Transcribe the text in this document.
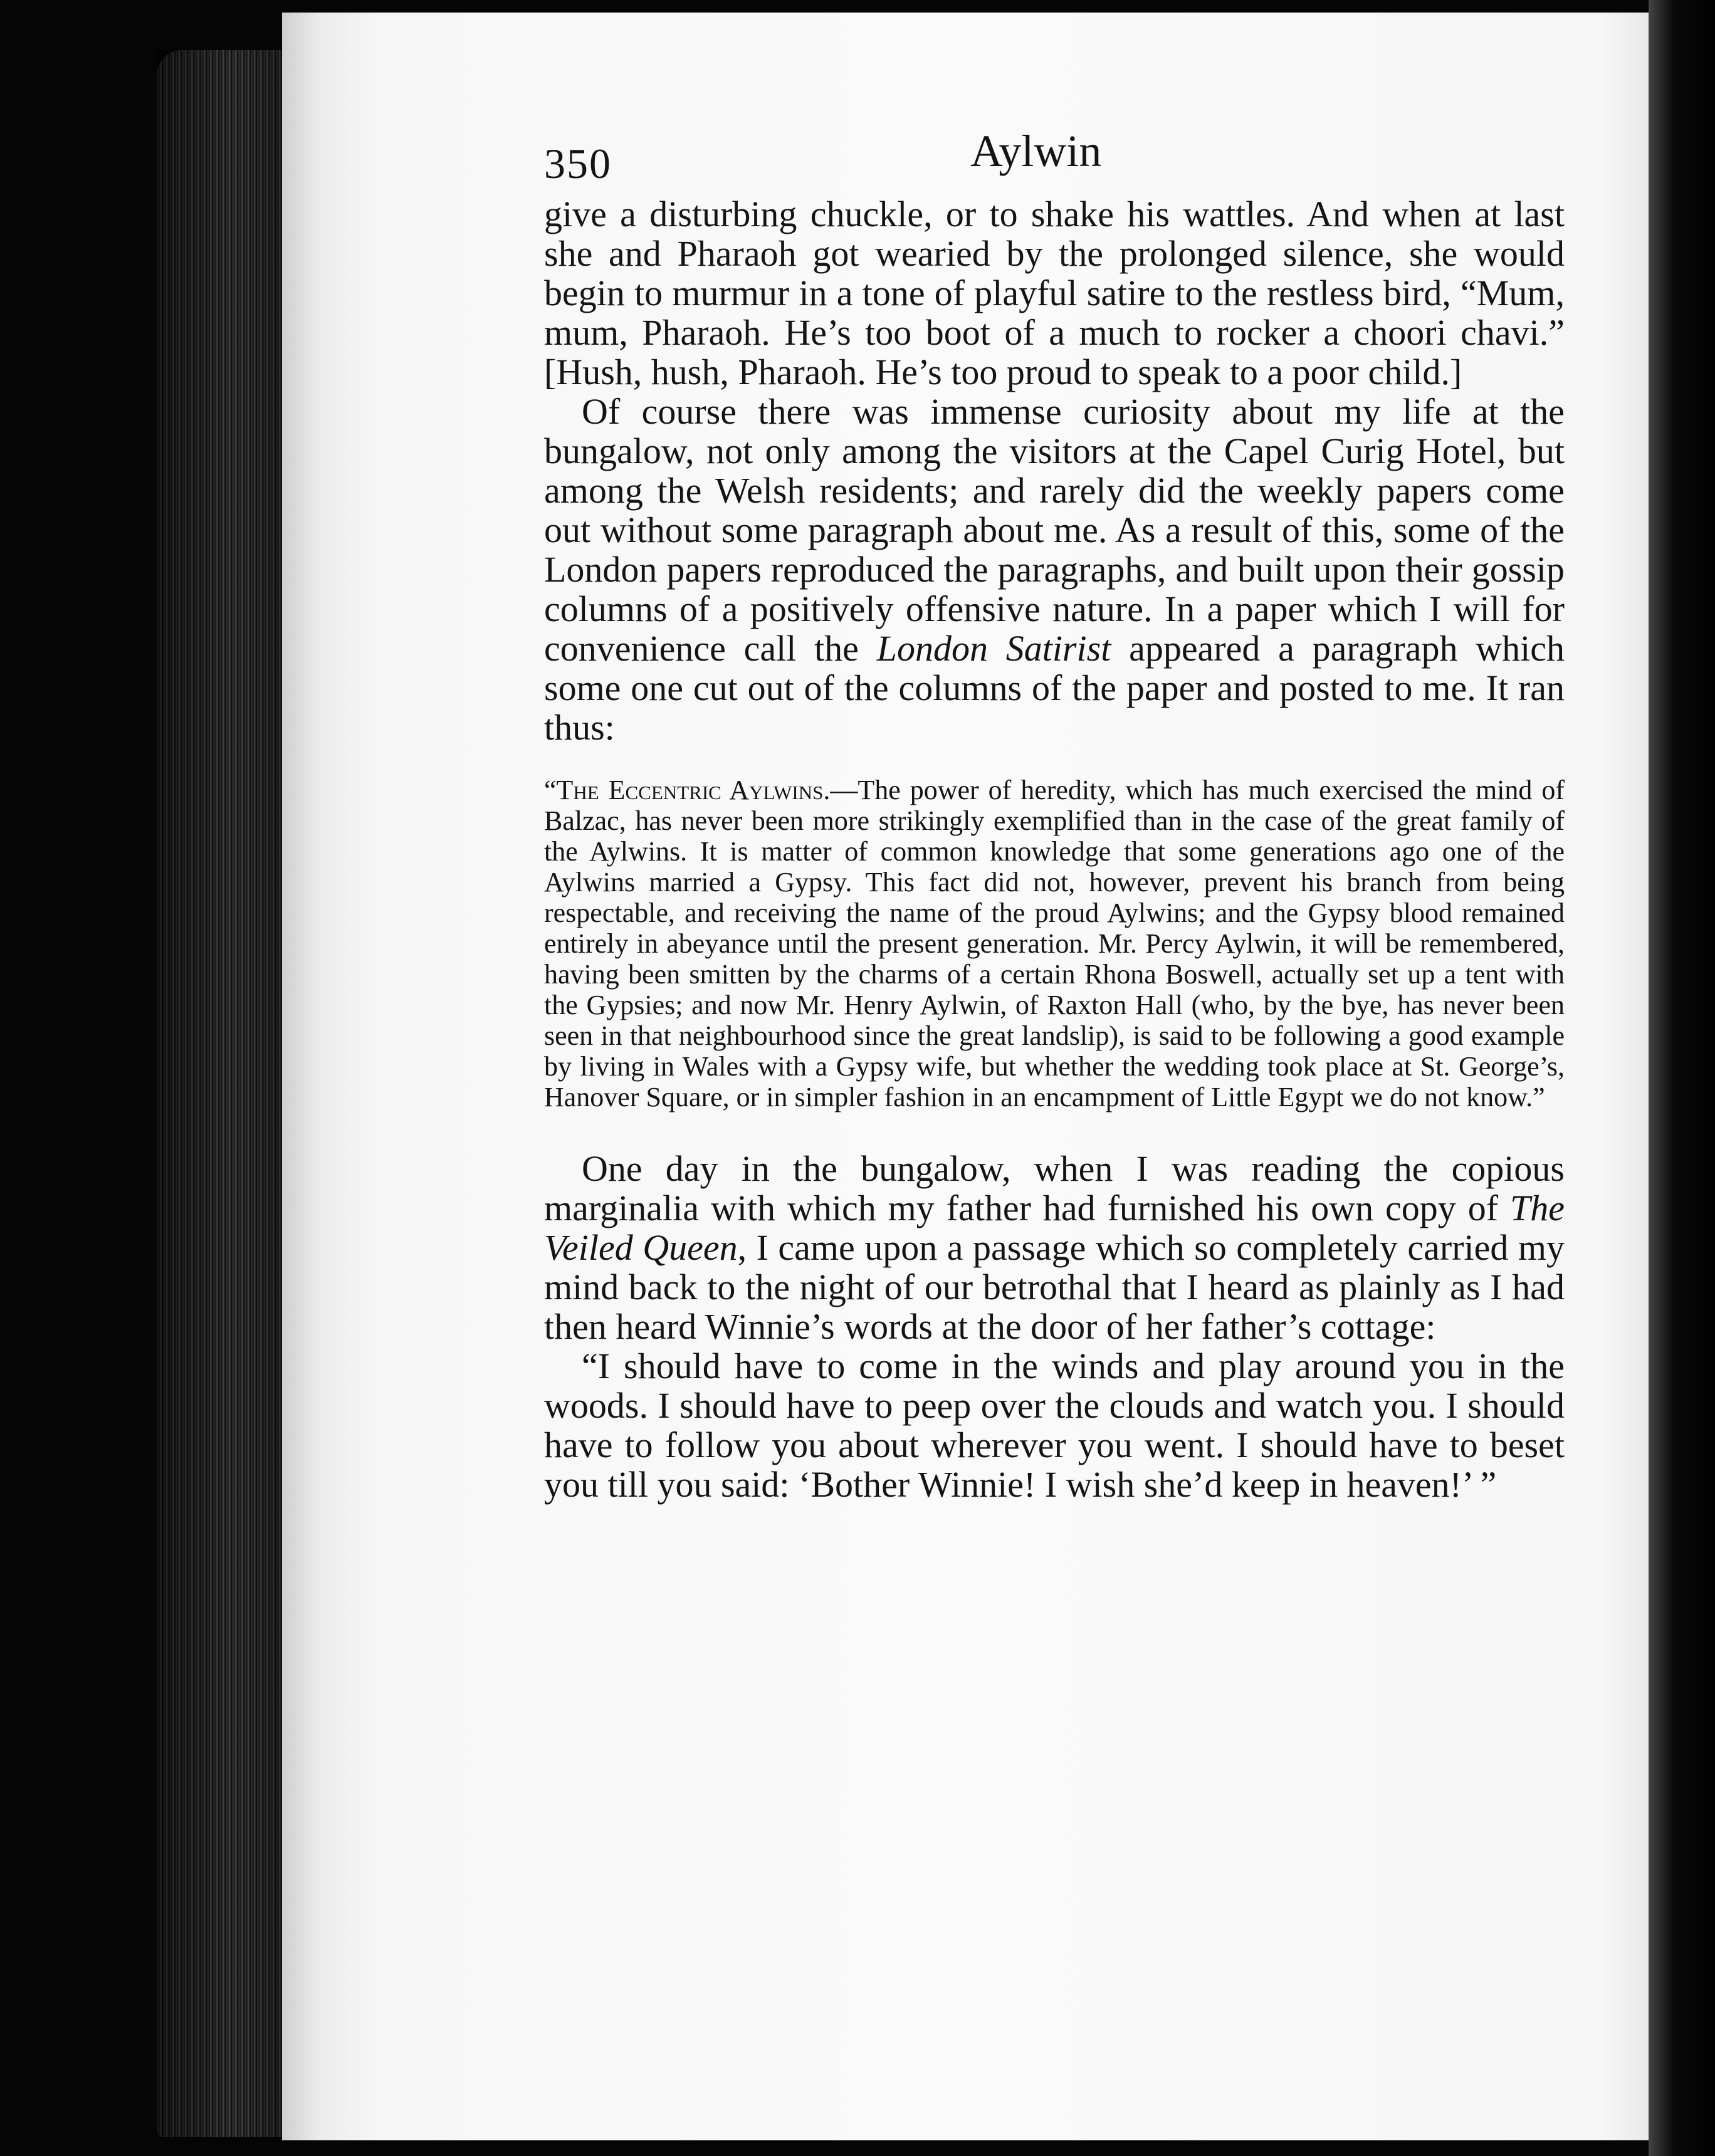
350	Aylwin

give a disturbing chuckle, or to shake his wattles. And when at last she and Pharaoh got wearied by the prolonged silence, she would begin to murmur in a tone of playful satire to the restless bird, “Mum, mum, Pharaoh. He’s too boot of a much to rocker a choori chavi.” [Hush, hush, Pharaoh. He’s too proud to speak to a poor child.]

Of course there was immense curiosity about my life at the bungalow, not only among the visitors at the Capel Curig Hotel, but among the Welsh residents; and rarely did the weekly papers come out without some paragraph about me. As a result of this, some of the London papers reproduced the paragraphs, and built upon their gossip columns of a positively offensive nature. In a paper which I will for convenience call the London Satirist appeared a paragraph which some one cut out of the columns of the paper and posted to me. It ran thus:

“The Eccentric Aylwins.—The power of heredity, which has much exercised the mind of Balzac, has never been more strikingly exemplified than in the case of the great family of the Aylwins. It is matter of common knowledge that some generations ago one of the Aylwins married a Gypsy. This fact did not, however, prevent his branch from being respectable, and receiving the name of the proud Aylwins; and the Gypsy blood remained entirely in abeyance until the present generation. Mr. Percy Aylwin, it will be remembered, having been smitten by the charms of a certain Rhona Boswell, actually set up a tent with the Gypsies; and now Mr. Henry Aylwin, of Raxton Hall (who, by the bye, has never been seen in that neighbourhood since the great landslip), is said to be following a good example by living in Wales with a Gypsy wife, but whether the wedding took place at St. George’s, Hanover Square, or in simpler fashion in an encampment of Little Egypt we do not know.”

One day in the bungalow, when I was reading the copious marginalia with which my father had furnished his own copy of The Veiled Queen, I came upon a passage which so completely carried my mind back to the night of our betrothal that I heard as plainly as I had then heard Winnie’s words at the door of her father’s cottage:

“I should have to come in the winds and play around you in the woods. I should have to peep over the clouds and watch you. I should have to follow you about wherever you went. I should have to beset you till you said: ‘Bother Winnie! I wish she’d keep in heaven!’ ”
